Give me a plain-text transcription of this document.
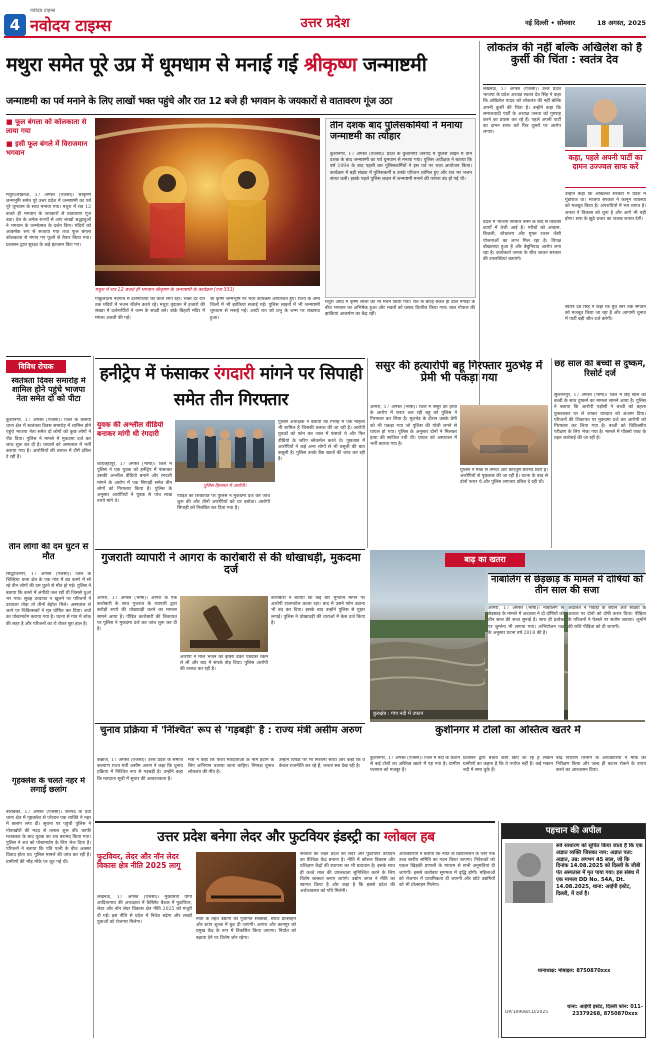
4
नवोदय टाइम्स
नवोदय टाइम्स	उत्तर प्रदेश	नई दिल्ली • सोमवार	18 अगस्त, 2025
मथुरा समेत पूरे उप्र में धूमधाम से मनाई गई श्रीकृष्ण जन्माष्टमी
जन्माष्टमी का पर्व मनाने के लिए लाखों भक्त पहुंचे और रात 12 बजे ही भगवान के जयकारों से वातावरण गूंज उठा
■ फूल बंगला को कोलकाता से लाया गया
■ इसी फूल बंगले में विराजमान भगवान
मथुरा/लखनऊ, 17 अगस्त (एजेंसी)। श्रीकृष्ण जन्मभूमि समेत पूरे उत्तर प्रदेश में जन्माष्टमी का पर्व पूरे धूमधाम के साथ मनाया गया। मथुरा में रात 12 बजते ही भगवान के जयकारों से वातावरण गूंज उठा। देश के अनेक राज्यों से आए लाखों श्रद्धालुओं ने भगवान के जन्मोत्सव के दर्शन किए। मंदिरों को आकर्षक रूप से सजाया गया तथा फूल बंगला कोलकाता से मंगाए गए फूलों से तैयार किया गया। प्रशासन द्वारा सुरक्षा के कड़े इंतजाम किए गए।
मथुरा में रात 12 बजते ही भगवान श्रीकृष्ण के जन्माष्टमी के कार्यक्रम (एज 331)
गोकुलधाम नंदगांव में दर्शनार्थियों का तांता लगा रहा। भक्त देर रात तक मंदिरों में भजन कीर्तन करते रहे। मथुरा वृंदावन में हजारों की संख्या में दर्शनार्थियों ने जन्म के साक्षी बने। बांके बिहारी मंदिर में मंगला आरती की गई।
श्री कृष्ण जन्मभूमि पर भव्य कार्यक्रम आयोजित हुए। राज्य के अन्य जिलों में भी झांकियां सजाई गईं। पुलिस लाइनों में भी जन्माष्टमी धूमधाम से मनाई गई। आधी रात को प्रभु के जन्म पर शंखनाद हुआ।
मथुरा आदि में कृष्ण लीला का भी मंचन किया गया। रात के बारह बजते ही ढोल नगाड़ों के बीच भगवान का अभिषेक हुआ और भक्तों को प्रसाद वितरित किया गया। बाल गोपाल की झांकियां आकर्षण का केंद्र रहीं।
तीन दशक बाद पुलिसकर्मियों ने मनाया जन्माष्टमी का त्योहार
कुशीनगर, 17 अगस्त (एजेंसी)। प्रदेश के कुशीनगर जनपद में पुलिस लाइन में तीन दशक के बाद जन्माष्टमी का पर्व धूमधाम से मनाया गया। पुलिस अधीक्षक ने बताया कि वर्ष 1994 के बाद पहली बार पुलिसकर्मियों ने इस पर्व पर भव्य आयोजन किया। कार्यक्रम में बड़ी संख्या में पुलिसकर्मी व उनके परिजन शामिल हुए और रात भर भजन संध्या चली। इसके पहले पुलिस लाइन में जन्माष्टमी मनाने की परंपरा बंद हो गई थी।
लोकतंत्र की नहीं बल्कि अखिलेश को है कुर्सी की चिंता : स्वतंत्र देव
लखनऊ, 17 अगस्त (एजेंसी)। उत्तर प्रदेश भाजपा के प्रदेश अध्यक्ष स्वतंत्र देव सिंह ने कहा कि अखिलेश यादव को लोकतंत्र की नहीं बल्कि अपनी कुर्सी की चिंता है। उन्होंने कहा कि समाजवादी पार्टी के अध्यक्ष जनता को गुमराह करने का प्रयास कर रहे हैं। पहले अपनी पार्टी का दामन साफ करें फिर दूसरों पर आरोप लगाएं।
कहा, पहले अपनी पार्टी का दामन उज्ज्वल साफ करें
उन्होंने कहा कि अखिलेश सरकार में प्रदेश में गुंडाराज था। भाजपा सरकार ने कानून व्यवस्था को मजबूत किया है। अपराधियों में भय व्याप्त है। जनता ने विकास को चुना है और आगे भी यही होगा। सपा के झूठे प्रचार का जवाब जनता देगी।
प्रदेश में भाजपा सरकार बनने के बाद से विकास कार्यों में तेजी आई है। गरीबों को आवास, बिजली, शौचालय और मुफ्त राशन जैसी योजनाओं का लाभ मिल रहा है। विपक्ष बौखलाया हुआ है और बेबुनियाद आरोप लगा रहा है। कार्यकर्ता जनता के बीच जाकर सरकार की उपलब्धियां बताएंगे।
स्वतंत्र देव सिंह ने कहा कि बूथ स्तर तक संगठन को मजबूत किया जा रहा है और आगामी चुनाव में पार्टी बड़ी जीत दर्ज करेगी।
विविध रोचक
स्वतंत्रता दिवस समारोह में शामिल होने पहुंचे भाजपा नेता समेत दो को पीटा
कुशीनगर, 17 अगस्त (एजेंसी)। जिले के कसया थाना क्षेत्र में स्वतंत्रता दिवस समारोह में शामिल होने पहुंचे भाजपा नेता समेत दो लोगों को कुछ लोगों ने पीट दिया। पुलिस ने मामले में मुकदमा दर्ज कर जांच शुरू कर दी है। घायलों को अस्पताल में भर्ती कराया गया है। आरोपियों की तलाश में टीमें दबिश दे रही हैं।
तीन लोगों की दम घुटने से मौत
सिद्धार्थनगर, 17 अगस्त (एजेंसी)। जिले के चिल्हिया थाना क्षेत्र के एक गांव में बंद कमरे में सो रहे तीन लोगों की दम घुटने से मौत हो गई। पुलिस ने बताया कि कमरे में अंगीठी जल रही थी जिससे धुआं भर गया। सुबह दरवाजा न खुलने पर परिजनों ने दरवाजा तोड़ा तो तीनों बेहोश मिले। अस्पताल ले जाने पर चिकित्सकों ने मृत घोषित कर दिया। शवों का पोस्टमार्टम कराया गया है। घटना से गांव में शोक की लहर है और परिजनों का रो रोकर बुरा हाल है।
गृहक्लेश के चलते नहर में लगाई छलांग
बाराबंकी, 17 अगस्त (एजेंसी)। जनपद के देवा थाना क्षेत्र में गृहक्लेश से परेशान एक व्यक्ति ने नहर में छलांग लगा दी। सूचना पर पहुंची पुलिस ने गोताखोरों की मदद से तलाश शुरू की। काफी मशक्कत के बाद युवक का शव बरामद किया गया। पुलिस ने शव को पोस्टमार्टम के लिए भेज दिया है। परिजनों ने बताया कि पति पत्नी के बीच अक्सर विवाद होता था। पुलिस मामले की जांच कर रही है। ग्रामीणों की भीड़ मौके पर जुट गई थी।
हनीट्रेप में फंसाकर रंगदारी मांगने पर सिपाही समेत तीन गिरफ्तार
युवक की अश्लील वीडियो बनाकर मांगी थी रंगदारी
पुलिस हिरासत में आरोपी।
शाहजहांपुर, 17 अगस्त (भाषा)। जिले में पुलिस ने एक युवक को हनीट्रेप में फंसाकर उसकी अश्लील वीडियो बनाने और रंगदारी मांगने के आरोप में एक सिपाही समेत तीन लोगों को गिरफ्तार किया है। पुलिस के अनुसार आरोपियों ने युवक से पांच लाख रुपये मांगे थे।
पीड़ित की शिकायत पर पुलिस ने मुकदमा दर्ज कर जांच शुरू की और तीनों आरोपियों को धर दबोचा। आरोपी सिपाही को निलंबित कर दिया गया है।
पुलिस अधीक्षक ने बताया कि गिरोह में एक महिला भी शामिल है जिसकी तलाश की जा रही है। आरोपी युवकों को फोन कर जाल में फंसाते थे और फिर वीडियो के जरिए ब्लैकमेल करते थे। पूछताछ में आरोपियों ने कई अन्य लोगों से भी वसूली की बात कबूली है। पुलिस उनके बैंक खातों की जांच कर रही है।
ससुर की हत्यारोपी बहू गिरफ्तार मुठभेड़ में प्रेमी भी पकड़ा गया
आगरा, 17 अगस्त (भाषा)। जिले में ससुर की हत्या के आरोप में फरार चल रही बहू को पुलिस ने गिरफ्तार कर लिया है। मुठभेड़ के दौरान उसके प्रेमी को भी पकड़ा गया जो पुलिस की गोली लगने से घायल हो गया। पुलिस के अनुसार दोनों ने मिलकर हत्या की साजिश रची थी। घायल को अस्पताल में भर्ती कराया गया है।
पुलिस ने मौके से तमंचा और कारतूस बरामद किए हैं। आरोपियों से पूछताछ की जा रही है। घटना के बाद से दोनों फरार थे और पुलिस लगातार दबिश दे रही थी।
छह साल की बच्ची से दुष्कर्म, रिसोर्ट दर्ज
सुल्तानपुर, 17 अगस्त (भाषा)। जिले में छह साल की बच्ची के साथ दुष्कर्म का मामला सामने आया है। पुलिस ने बताया कि आरोपी पड़ोसी ने बच्ची को बहला फुसलाकर घर ले जाकर वारदात को अंजाम दिया। परिजनों की शिकायत पर मुकदमा दर्ज कर आरोपी को गिरफ्तार कर लिया गया है। बच्ची को चिकित्सीय परीक्षण के लिए भेजा गया है। मामले में पॉक्सो एक्ट के तहत कार्रवाई की जा रही है।
गुजराती व्यापारी ने आगरा के कारोबारी से की धोखाधड़ी, मुकदमा दर्ज
आगरा, 17 अगस्त (भाषा)। आगरा के एक कारोबारी के साथ गुजरात के व्यापारी द्वारा करोड़ों रुपये की धोखाधड़ी करने का मामला सामने आया है। पीड़ित कारोबारी की शिकायत पर पुलिस ने मुकदमा दर्ज कर जांच शुरू कर दी है।
आरोपी ने माल भेजने का झांसा देकर एडवांस रकम ले ली और बाद में संपर्क तोड़ दिया। पुलिस आरोपी की तलाश कर रही है।
कारोबारी ने बताया कि कई बार भुगतान मांगने पर आरोपी टालमटोल करता रहा। बाद में उसने फोन उठाना भी बंद कर दिया। इसके बाद उन्होंने पुलिस से गुहार लगाई। पुलिस ने धोखाधड़ी की धाराओं में केस दर्ज किया है।
बाढ़ का खतरा
कुरुक्षेत्र : गंगा नदी में उफान
नाबालिग से छेड़छाड़ के मामले में दोषियों को तीन साल की सजा
आगरा, 17 अगस्त (भाषा)। नाबालिग से छेड़छाड़ के मामले में अदालत ने दो दोषियों को तीन साल की सजा सुनाई है। साथ ही प्रत्येक पर जुर्माना भी लगाया गया। अभियोजन पक्ष के अनुसार घटना वर्ष 2018 की है।
अदालत ने गवाहों के बयान और साक्ष्यों के आधार पर दोनों को दोषी करार दिया। पीड़िता के परिजनों ने फैसले पर संतोष जताया। जुर्माने की राशि पीड़िता को दी जाएगी।
चुनाव प्रक्रिया में 'निश्चित' रूप से 'गड़बड़ी' है : राज्य मंत्री असीम अरुण
कन्नौज, 17 अगस्त (एजेंसी)। उत्तर प्रदेश के समाज कल्याण राज्य मंत्री असीम अरुण ने कहा कि चुनाव प्रक्रिया में निश्चित रूप से गड़बड़ी है। उन्होंने कहा कि मतदाता सूची में सुधार की आवश्यकता है।
मंत्री ने कहा कि फर्जी मतदाताओं के नाम हटाने के लिए अभियान चलाया जाना चाहिए। निष्पक्ष चुनाव लोकतंत्र की नींव है।
उन्होंने विपक्ष पर भी निशाना साधा और कहा कि वे केवल राजनीति कर रहे हैं, जनता सब देख रही है।
कुशीनगर में टोलों का अस्तित्व खतरे में
कुशीनगर, 17 अगस्त (एजेंसी)। जिले में नदी के कटान से कई टोलों का अस्तित्व खतरे में पड़ गया है। ग्रामीण पलायन को मजबूर हैं।
प्रशासन द्वारा बचाव कार्य किए जा रहे हैं लेकिन ग्रामीणों का कहना है कि वे पर्याप्त नहीं हैं। कई मकान नदी में समा चुके हैं।
बाढ़ नियंत्रण विभाग के अधिकारियों ने मौके का निरीक्षण किया और जल्द ही कटान रोकने के उपाय करने का आश्वासन दिया।
उत्तर प्रदेश बनेगा लेदर और फुटवियर इंडस्ट्री का ग्लोबल हब
फुटवियर, लेदर और नॉन लेदर विकास क्षेत्र नीति 2025 लागू
लखनऊ, 17 अगस्त (एजेंसी)। मुख्यमंत्री योगी आदित्यनाथ की अध्यक्षता में कैबिनेट बैठक में फुटवियर, लेदर और नॉन लेदर विकास क्षेत्र नीति 2025 को मंजूरी दी गई। इस नीति से प्रदेश में निवेश बढ़ेगा और लाखों युवाओं को रोजगार मिलेगा।
नीति के तहत उद्योगों को पूंजीगत सब्सिडी, ब्याज प्रोत्साहन और स्टांप शुल्क में छूट दी जाएगी। आगरा और कानपुर को प्रमुख केंद्र के रूप में विकसित किया जाएगा। निर्यात को बढ़ावा देने पर विशेष जोर रहेगा।
सरकार का लक्ष्य प्रदेश को लेदर और फुटवियर उत्पादन का वैश्विक केंद्र बनाना है। नीति में कौशल विकास और प्रशिक्षण केंद्रों की स्थापना का भी प्रावधान है। इसके साथ ही कच्चे माल की उपलब्धता सुनिश्चित करने के लिए विशेष क्लस्टर बनाए जाएंगे। उद्योग जगत ने नीति का स्वागत किया है और कहा है कि इससे प्रदेश की अर्थव्यवस्था को गति मिलेगी।
अधिकारियों ने बताया कि नीति के क्रियान्वयन के लिए एक उच्च स्तरीय समिति का गठन किया जाएगा। निवेशकों को एकल खिड़की प्रणाली के माध्यम से सभी अनुमतियां दी जाएंगी। इससे कारोबार सुगमता में वृद्धि होगी। महिलाओं को रोजगार में प्राथमिकता दी जाएगी और छोटे उद्यमियों को भी प्रोत्साहन मिलेगा।
पहचान की अपील
सर्व साधारण को सूचित किया जाता है कि एक अज्ञात व्यक्ति जिसका नाम: अज्ञात पता: अज्ञात, उम्र: लगभग 45 साल, जो कि दिनांक 14.08.2025 को दिल्ली के जीबी पंत अस्पताल में मृत पाया गया। इस संबंध में एक मामला DD No. 54A, Dt. 14.08.2025, थाना: आईपी इस्टेट, दिल्ली, में दर्ज है।
थानाध्यक्ष: मोबाइल: 8750870xxx
DP/10908/CD/2025
थाना: आईपी इस्टेट, दिल्ली फोन: 011-23379268, 8750870xxx
